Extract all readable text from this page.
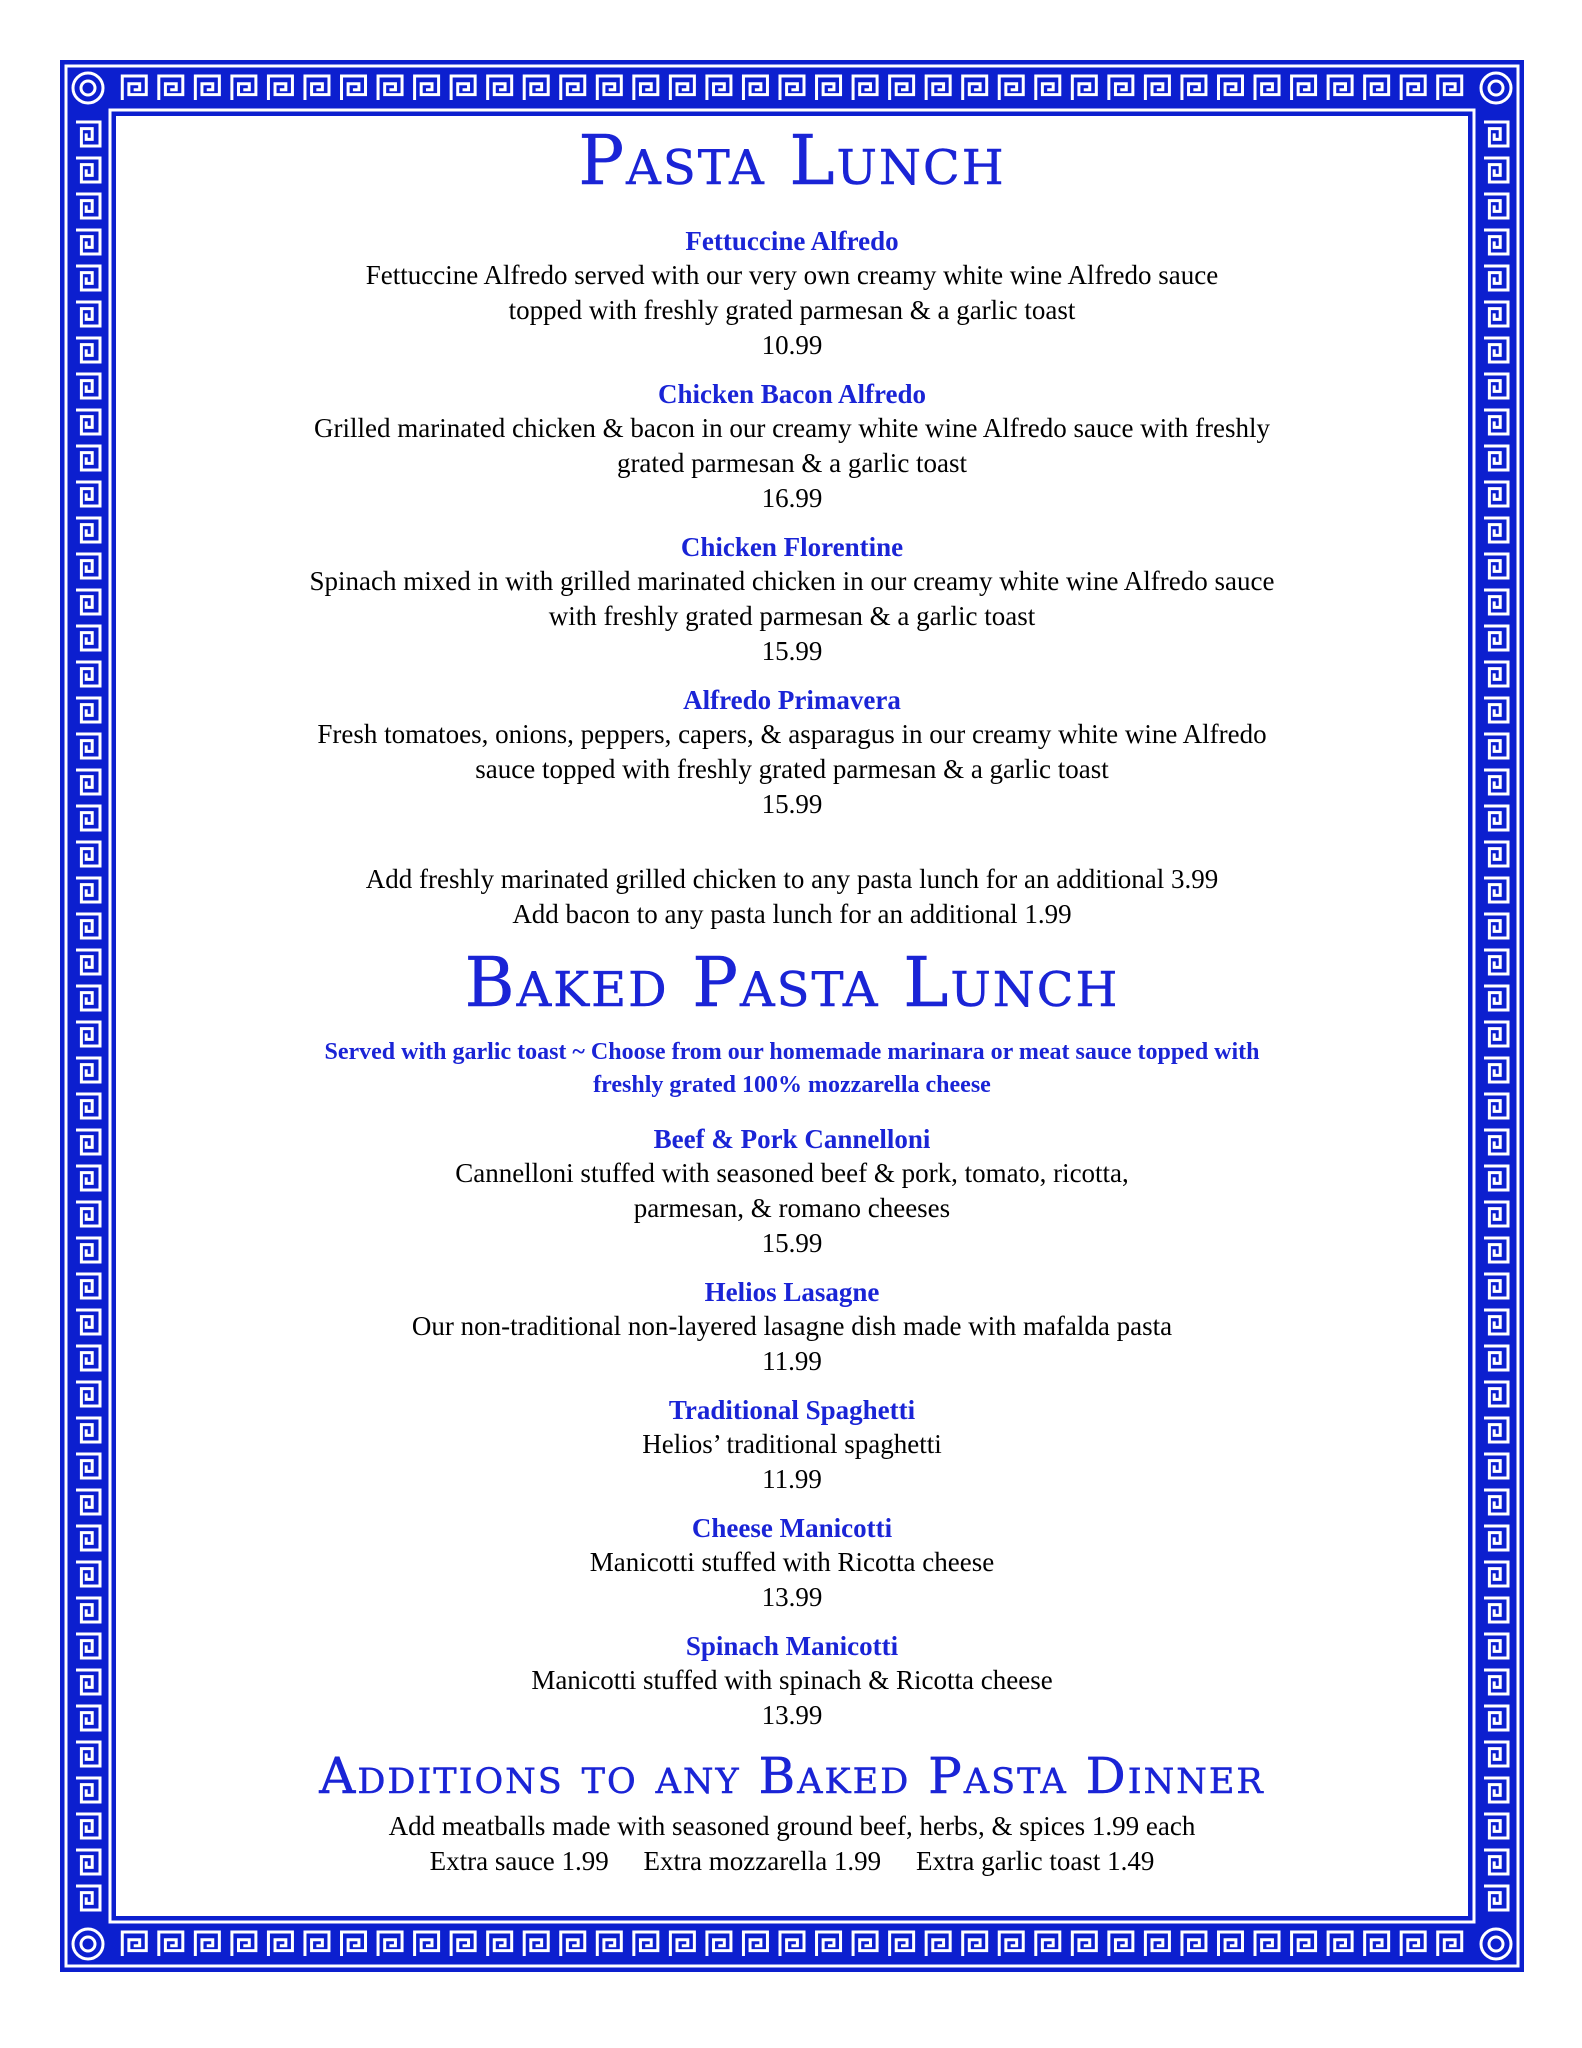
Pasta Lunch
Fettuccine Alfredo
Fettuccine Alfredo served with our very own creamy white wine Alfredo sauce
topped with freshly grated parmesan & a garlic toast
10.99
Chicken Bacon Alfredo
Grilled marinated chicken & bacon in our creamy white wine Alfredo sauce with freshly
grated parmesan & a garlic toast
16.99
Chicken Florentine
Spinach mixed in with grilled marinated chicken in our creamy white wine Alfredo sauce
with freshly grated parmesan & a garlic toast
15.99
Alfredo Primavera
Fresh tomatoes, onions, peppers, capers, & asparagus in our creamy white wine Alfredo
sauce topped with freshly grated parmesan & a garlic toast
15.99
Add freshly marinated grilled chicken to any pasta lunch for an additional 3.99
Add bacon to any pasta lunch for an additional 1.99
Baked Pasta Lunch
Served with garlic toast ~ Choose from our homemade marinara or meat sauce topped with
freshly grated 100% mozzarella cheese
Beef & Pork Cannelloni
Cannelloni stuffed with seasoned beef & pork, tomato, ricotta,
parmesan, & romano cheeses
15.99
Helios Lasagne
Our non-traditional non-layered lasagne dish made with mafalda pasta
11.99
Traditional Spaghetti
Helios’ traditional spaghetti
11.99
Cheese Manicotti
Manicotti stuffed with Ricotta cheese
13.99
Spinach Manicotti
Manicotti stuffed with spinach & Ricotta cheese
13.99
Additions to any Baked Pasta Dinner
Add meatballs made with seasoned ground beef, herbs, & spices 1.99 each
Extra sauce 1.99 Extra mozzarella 1.99 Extra garlic toast 1.49
